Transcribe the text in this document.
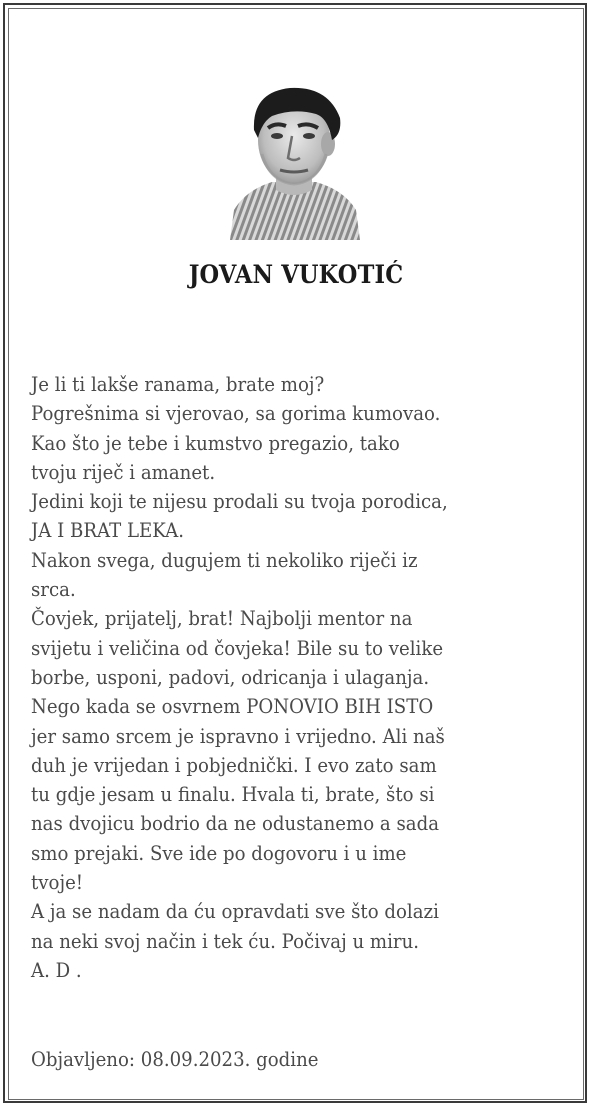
JOVAN VUKOTIĆ
Je li ti lakše ranama, brate moj?
Pogrešnima si vjerovao, sa gorima kumovao.
Kao što je tebe i kumstvo pregazio, tako
tvoju riječ i amanet.
Jedini koji te nijesu prodali su tvoja porodica,
JA I BRAT LEKA.
Nakon svega, dugujem ti nekoliko riječi iz
srca.
Čovjek, prijatelj, brat! Najbolji mentor na
svijetu i veličina od čovjeka! Bile su to velike
borbe, usponi, padovi, odricanja i ulaganja.
Nego kada se osvrnem PONOVIO BIH ISTO
jer samo srcem je ispravno i vrijedno. Ali naš
duh je vrijedan i pobjednički. I evo zato sam
tu gdje jesam u finalu. Hvala ti, brate, što si
nas dvojicu bodrio da ne odustanemo a sada
smo prejaki. Sve ide po dogovoru i u ime
tvoje!
A ja se nadam da ću opravdati sve što dolazi
na neki svoj način i tek ću. Počivaj u miru.
A. D .
Objavljeno: 08.09.2023. godine
